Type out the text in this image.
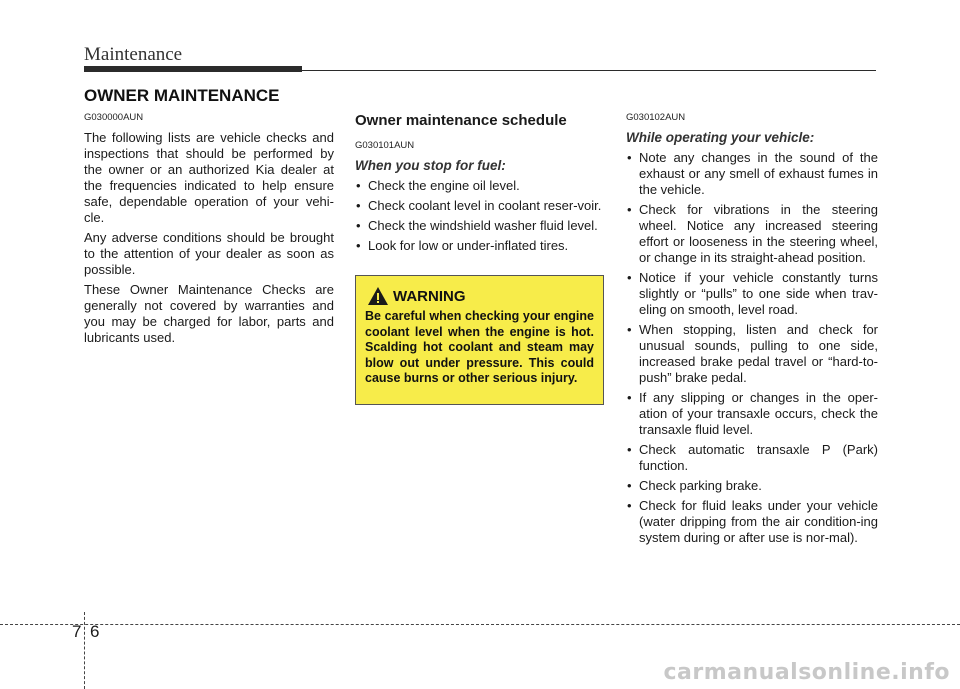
Maintenance
OWNER MAINTENANCE
G030000AUN

The following lists are vehicle checks and inspections that should be performed by the owner or an authorized Kia dealer at the frequencies indicated to help ensure safe, dependable operation of your vehi-cle.

Any adverse conditions should be brought to the attention of your dealer as soon as possible.

These Owner Maintenance Checks are generally not covered by warranties and you may be charged for labor, parts and lubricants used.

Owner maintenance schedule
G030101AUN
When you stop for fuel:
• Check the engine oil level.
• Check coolant level in coolant reser-voir.
• Check the windshield washer fluid level.
• Look for low or under-inflated tires.
WARNING
Be careful when checking your engine coolant level when the engine is hot. Scalding hot coolant and steam may blow out under pressure. This could cause burns or other serious injury.
G030102AUN
While operating your vehicle:
• Note any changes in the sound of the exhaust or any smell of exhaust fumes in the vehicle.
• Check for vibrations in the steering wheel. Notice any increased steering effort or looseness in the steering wheel, or change in its straight-ahead position.
• Notice if your vehicle constantly turns slightly or “pulls” to one side when trav-eling on smooth, level road.
• When stopping, listen and check for unusual sounds, pulling to one side, increased brake pedal travel or “hard-to-push” brake pedal.
• If any slipping or changes in the oper-ation of your transaxle occurs, check the transaxle fluid level.
• Check automatic transaxle P (Park) function.
• Check parking brake.
• Check for fluid leaks under your vehicle (water dripping from the air condition-ing system during or after use is nor-mal).
7 6
carmanualsonline.info
